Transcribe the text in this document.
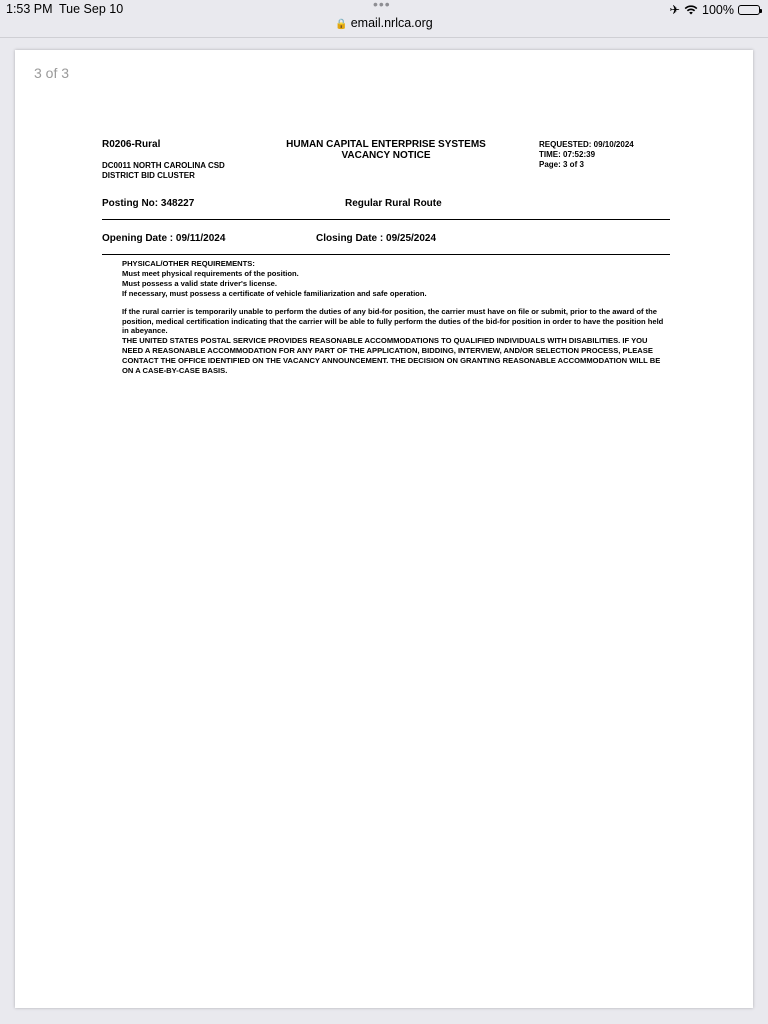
1:53 PM Tue Sep 10	•••	✈ 100%
🔒 email.nrlca.org
3 of 3
R0206-Rural
DC0011 NORTH CAROLINA CSD
DISTRICT BID CLUSTER
HUMAN CAPITAL ENTERPRISE SYSTEMS
VACANCY NOTICE
REQUESTED: 09/10/2024
TIME: 07:52:39
Page: 3 of 3
Posting No: 348227	Regular Rural Route
Opening Date : 09/11/2024	Closing Date : 09/25/2024

PHYSICAL/OTHER REQUIREMENTS:

Must meet physical requirements of the position.

Must possess a valid state driver's license.

If necessary, must possess a certificate of vehicle familiarization and safe operation.

If the rural carrier is temporarily unable to perform the duties of any bid-for position, the carrier must have on file or submit, prior to the award of the position, medical certification indicating that the carrier will be able to fully perform the duties of the bid-for position in order to have the position held in abeyance.

THE UNITED STATES POSTAL SERVICE PROVIDES REASONABLE ACCOMMODATIONS TO QUALIFIED INDIVIDUALS WITH DISABILITIES. IF YOU NEED A REASONABLE ACCOMMODATION FOR ANY PART OF THE APPLICATION, BIDDING, INTERVIEW, AND/OR SELECTION PROCESS, PLEASE CONTACT THE OFFICE IDENTIFIED ON THE VACANCY ANNOUNCEMENT. THE DECISION ON GRANTING REASONABLE ACCOMMODATION WILL BE ON A CASE-BY-CASE BASIS.
